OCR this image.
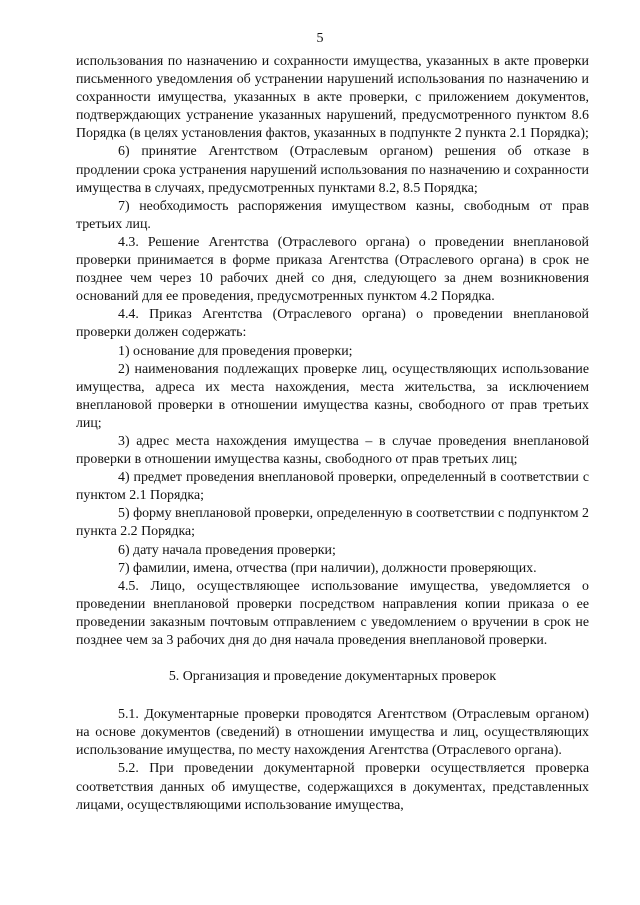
5

использования по назначению и сохранности имущества, указанных в акте проверки письменного уведомления об устранении нарушений использования по назначению и сохранности имущества, указанных в акте проверки, с приложением документов, подтверждающих устранение указанных нарушений, предусмотренного пунктом 8.6 Порядка (в целях установления фактов, указанных в подпункте 2 пункта 2.1 Порядка);

6) принятие Агентством (Отраслевым органом) решения об отказе в продлении срока устранения нарушений использования по назначению и сохранности имущества в случаях, предусмотренных пунктами 8.2, 8.5 Порядка;

7) необходимость распоряжения имуществом казны, свободным от прав третьих лиц.

4.3. Решение Агентства (Отраслевого органа) о проведении внеплановой проверки принимается в форме приказа Агентства (Отраслевого органа) в срок не позднее чем через 10 рабочих дней со дня, следующего за днем возникновения оснований для ее проведения, предусмотренных пунктом 4.2 Порядка.

4.4. Приказ Агентства (Отраслевого органа) о проведении внеплановой проверки должен содержать:

1) основание для проведения проверки;

2) наименования подлежащих проверке лиц, осуществляющих использование имущества, адреса их места нахождения, места жительства, за исключением внеплановой проверки в отношении имущества казны, свободного от прав третьих лиц;

3) адрес места нахождения имущества – в случае проведения внеплановой проверки в отношении имущества казны, свободного от прав третьих лиц;

4) предмет проведения внеплановой проверки, определенный в соответствии с пунктом 2.1 Порядка;

5) форму внеплановой проверки, определенную в соответствии с подпунктом 2 пункта 2.2 Порядка;

6) дату начала проведения проверки;

7) фамилии, имена, отчества (при наличии), должности проверяющих.

4.5. Лицо, осуществляющее использование имущества, уведомляется о проведении внеплановой проверки посредством направления копии приказа о ее проведении заказным почтовым отправлением с уведомлением о вручении в срок не позднее чем за 3 рабочих дня до дня начала проведения внеплановой проверки.

5. Организация и проведение документарных проверок

5.1. Документарные проверки проводятся Агентством (Отраслевым органом) на основе документов (сведений) в отношении имущества и лиц, осуществляющих использование имущества, по месту нахождения Агентства (Отраслевого органа).

5.2. При проведении документарной проверки осуществляется проверка соответствия данных об имуществе, содержащихся в документах, представленных лицами, осуществляющими использование имущества,
